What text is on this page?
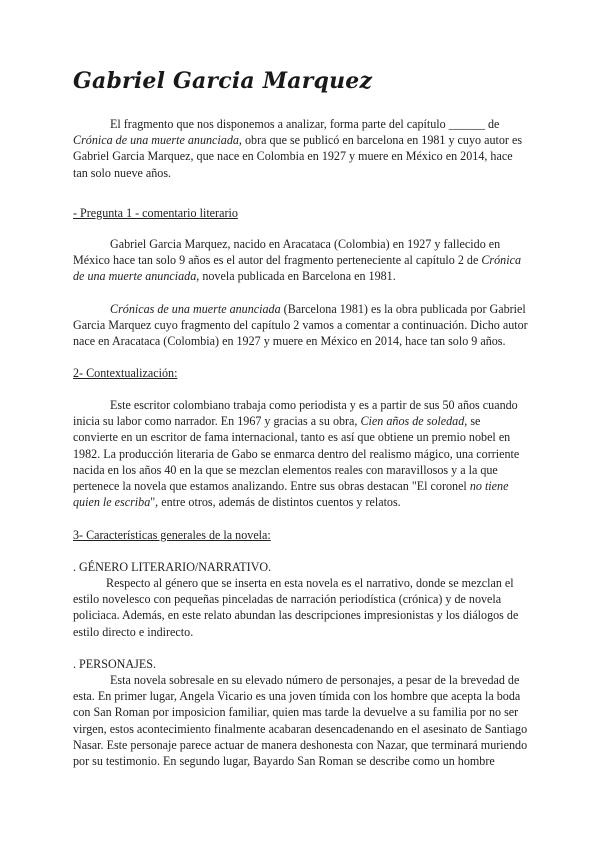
Gabriel Garcia Marquez

El fragmento que nos disponemos a analizar, forma parte del capítulo ______ de Crónica de una muerte anunciada, obra que se publicó en barcelona en 1981 y cuyo autor es Gabriel Garcia Marquez, que nace en Colombia en 1927 y muere en México en 2014, hace tan solo nueve años.

- Pregunta 1 - comentario literario

Gabriel Garcia Marquez, nacido en Aracataca (Colombia) en 1927 y fallecido en México hace tan solo 9 años es el autor del fragmento perteneciente al capítulo 2 de Crónica de una muerte anunciada, novela publicada en Barcelona en 1981.

Crónicas de una muerte anunciada (Barcelona 1981) es la obra publicada por Gabriel Garcia Marquez cuyo fragmento del capítulo 2 vamos a comentar a continuación. Dicho autor nace en Aracataca (Colombia) en 1927 y muere en México en 2014, hace tan solo 9 años.

2- Contextualización:

Este escritor colombiano trabaja como periodista y es a partir de sus 50 años cuando inicia su labor como narrador. En 1967 y gracias a su obra, Cien años de soledad, se convierte en un escritor de fama internacional, tanto es así que obtiene un premio nobel en 1982. La producción literaria de Gabo se enmarca dentro del realismo mágico, una corriente nacida en los años 40 en la que se mezclan elementos reales con maravillosos y a la que pertenece la novela que estamos analizando. Entre sus obras destacan "El coronel no tiene quien le escriba", entre otros, además de distintos cuentos y relatos.

3- Características generales de la novela:

. GÉNERO LITERARIO/NARRATIVO.

Respecto al género que se inserta en esta novela es el narrativo, donde se mezclan el estilo novelesco con pequeñas pinceladas de narración periodística (crónica) y de novela policiaca. Además, en este relato abundan las descripciones impresionistas y los diálogos de estilo directo e indirecto.

. PERSONAJES.

Esta novela sobresale en su elevado número de personajes, a pesar de la brevedad de esta. En primer lugar, Angela Vicario es una joven tímida con los hombre que acepta la boda con San Roman por imposicion familiar, quien mas tarde la devuelve a su familia por no ser virgen, estos acontecimiento finalmente acabaran desencadenando en el asesinato de Santiago Nasar. Este personaje parece actuar de manera deshonesta con Nazar, que terminará muriendo por su testimonio. En segundo lugar, Bayardo San Roman se describe como un hombre
